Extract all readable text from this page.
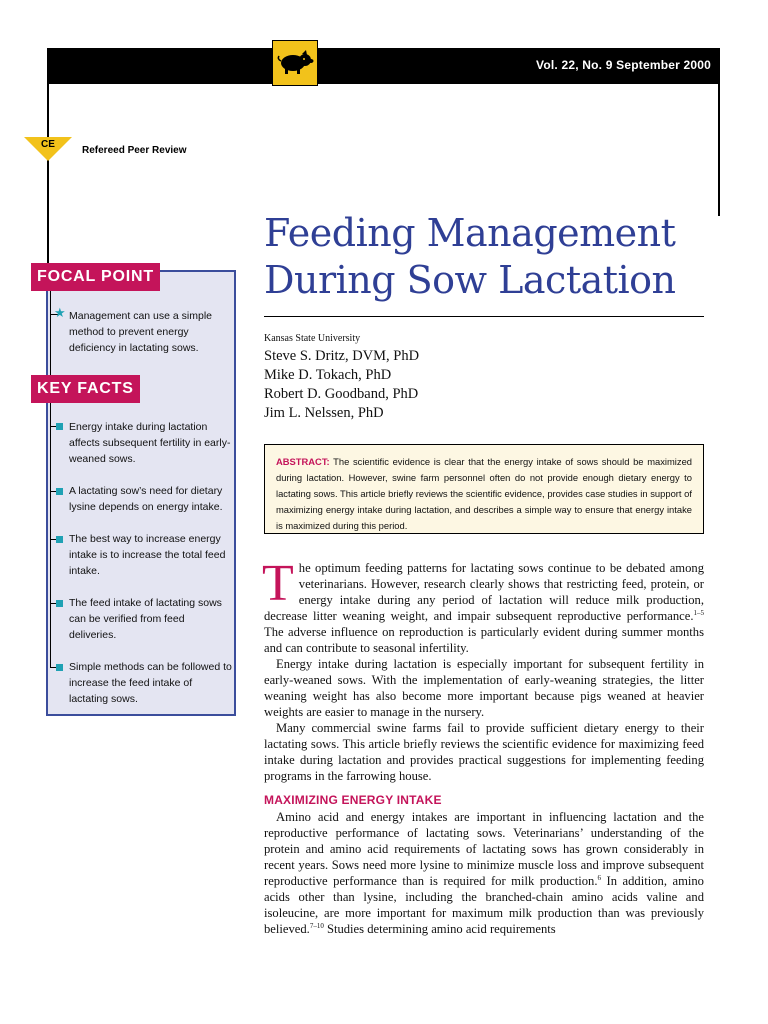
Vol. 22, No. 9 September 2000
CE
Refereed Peer Review
FOCAL POINT
★ Management can use a simple method to prevent energy deficiency in lactating sows.
KEY FACTS
Energy intake during lactation affects subsequent fertility in early-weaned sows.
A lactating sow’s need for dietary lysine depends on energy intake.
The best way to increase energy intake is to increase the total feed intake.
The feed intake of lactating sows can be verified from feed deliveries.
Simple methods can be followed to increase the feed intake of lactating sows.
Feeding Management
During Sow Lactation
Kansas State University
Steve S. Dritz, DVM, PhD
Mike D. Tokach, PhD
Robert D. Goodband, PhD
Jim L. Nelssen, PhD
ABSTRACT: The scientific evidence is clear that the energy intake of sows should be maximized during lactation. However, swine farm personnel often do not provide enough dietary energy to lactating sows. This article briefly reviews the scientific evidence, provides case studies in support of maximizing energy intake during lactation, and describes a simple way to ensure that energy intake is maximized during this period.

The optimum feeding patterns for lactating sows continue to be debated among veterinarians. However, research clearly shows that restricting feed, protein, or energy intake during any period of lactation will reduce milk production, decrease litter weaning weight, and impair subsequent reproductive performance.$^{1-5}$ The adverse influence on reproduction is particularly evident during summer months and can contribute to seasonal infertility.

Energy intake during lactation is especially important for subsequent fertility in early-weaned sows. With the implementation of early-weaning strategies, the litter weaning weight has also become more important because pigs weaned at heavier weights are easier to manage in the nursery.

Many commercial swine farms fail to provide sufficient dietary energy to their lactating sows. This article briefly reviews the scientific evidence for maximizing feed intake during lactation and provides practical suggestions for implementing feeding programs in the farrowing house.

MAXIMIZING ENERGY INTAKE

Amino acid and energy intakes are important in influencing lactation and the reproductive performance of lactating sows. Veterinarians’ understanding of the protein and amino acid requirements of lactating sows has grown considerably in recent years. Sows need more lysine to minimize muscle loss and improve subsequent reproductive performance than is required for milk production.$^6$ In addition, amino acids other than lysine, including the branched-chain amino acids valine and isoleucine, are more important for maximum milk production than was previously believed.$^{7-10}$ Studies determining amino acid requirements
